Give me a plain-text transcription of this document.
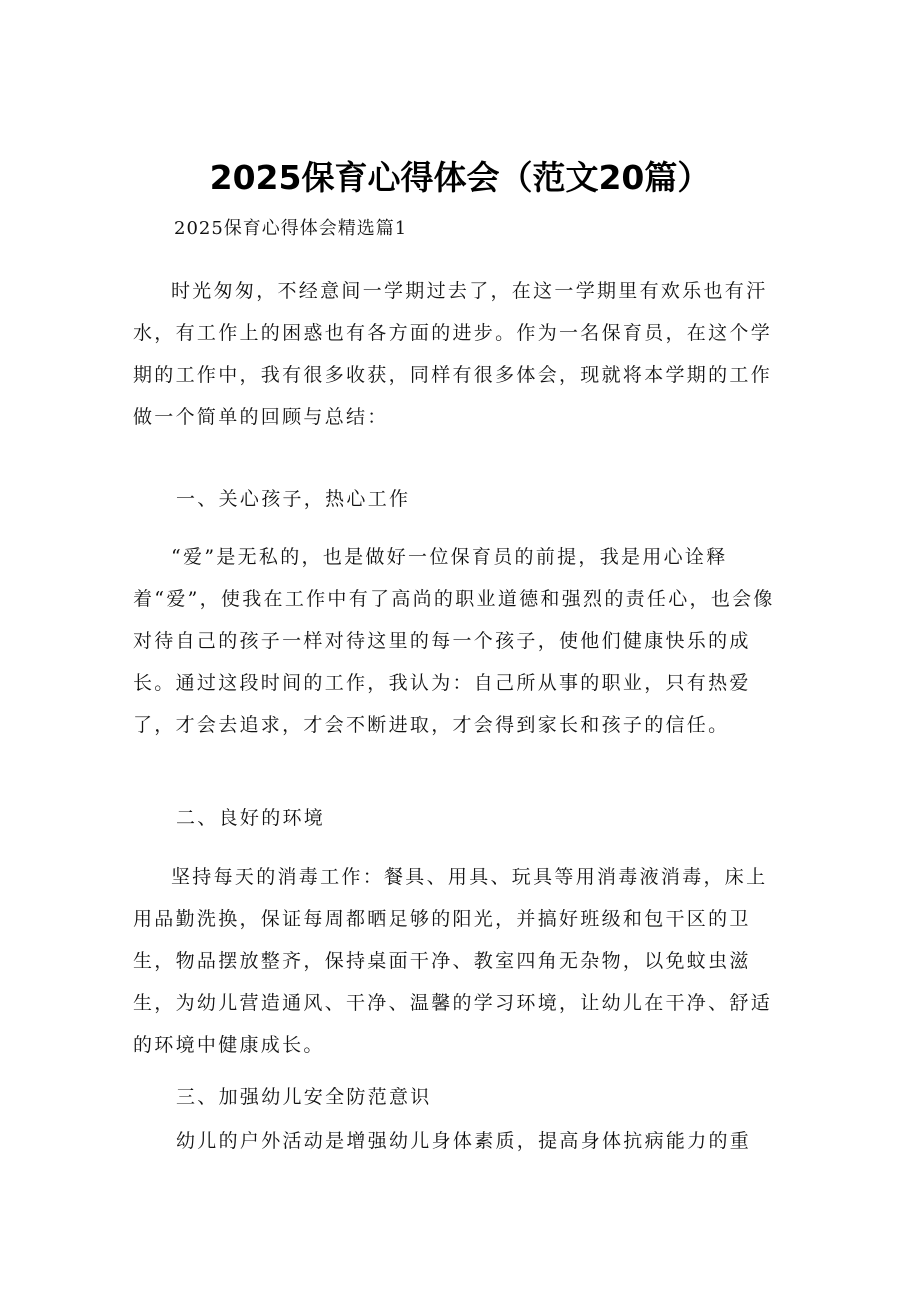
2025保育心得体会（范文20篇）
2025保育心得体会精选篇1

时光匆匆，不经意间一学期过去了，在这一学期里有欢乐也有汗水，有工作上的困惑也有各方面的进步。作为一名保育员，在这个学期的工作中，我有很多收获，同样有很多体会，现就将本学期的工作做一个简单的回顾与总结：

一、关心孩子，热心工作

“爱”是无私的，也是做好一位保育员的前提，我是用心诠释着“爱”，使我在工作中有了高尚的职业道德和强烈的责任心，也会像对待自己的孩子一样对待这里的每一个孩子，使他们健康快乐的成长。通过这段时间的工作，我认为：自己所从事的职业，只有热爱了，才会去追求，才会不断进取，才会得到家长和孩子的信任。

二、良好的环境

坚持每天的消毒工作：餐具、用具、玩具等用消毒液消毒，床上用品勤洗换，保证每周都晒足够的阳光，并搞好班级和包干区的卫生，物品摆放整齐，保持桌面干净、教室四角无杂物，以免蚊虫滋生，为幼儿营造通风、干净、温馨的学习环境，让幼儿在干净、舒适的环境中健康成长。

三、加强幼儿安全防范意识
幼儿的户外活动是增强幼儿身体素质，提高身体抗病能力的重
